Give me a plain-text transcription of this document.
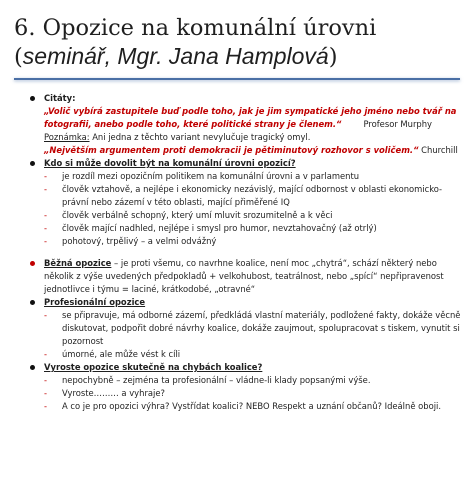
6. Opozice na komunální úrovni (seminář, Mgr. Jana Hamplová)
Citáty:
„Volič vybírá zastupitele buď podle toho, jak je jim sympatické jeho jméno nebo tvář na fotografii, anebo podle toho, které politické strany je členem.“	Profesor Murphy
Poznámka: Ani jedna z těchto variant nevylučuje tragický omyl.
„Největším argumentem proti demokracii je pětiminutový rozhovor s voličem.“ Churchill
Kdo si může dovolit být na komunální úrovni opozicí?
- je rozdíl mezi opozičním politikem na komunální úrovni a v parlamentu
- člověk vztahově, a nejlépe i ekonomicky nezávislý, mající odbornost v oblasti ekonomicko-právní nebo zázemí v této oblasti, mající přiměřené IQ
- člověk verbálně schopný, který umí mluvit srozumitelně a k věci
- člověk mající nadhled, nejlépe i smysl pro humor, nevztahovačný (až otrlý)
- pohotový, trpělivý – a velmi odvážný
Běžná opozice – je proti všemu, co navrhne koalice, není moc „chytrá“, schází některý nebo několik z výše uvedených předpokladů + velkohubost, teatrálnost, nebo „spící“ nepřipravenost jednotlivce i týmu = laciné, krátkodobé, „otravné“
Profesionální opozice
- se připravuje, má odborné zázemí, předkládá vlastní materiály, podložené fakty, dokáže věcně diskutovat, podpořit dobré návrhy koalice, dokáže zaujmout, spolupracovat s tiskem, vynutit si pozornost
- úmorné, ale může vést k cíli
Vyroste opozice skutečně na chybách koalice?
- nepochybně – zejména ta profesionální – vládne-li klady popsanými výše.
- Vyroste……… a vyhraje?
- A co je pro opozici výhra? Vystřídat koalici? NEBO Respekt a uznání občanů? Ideálně oboji.
